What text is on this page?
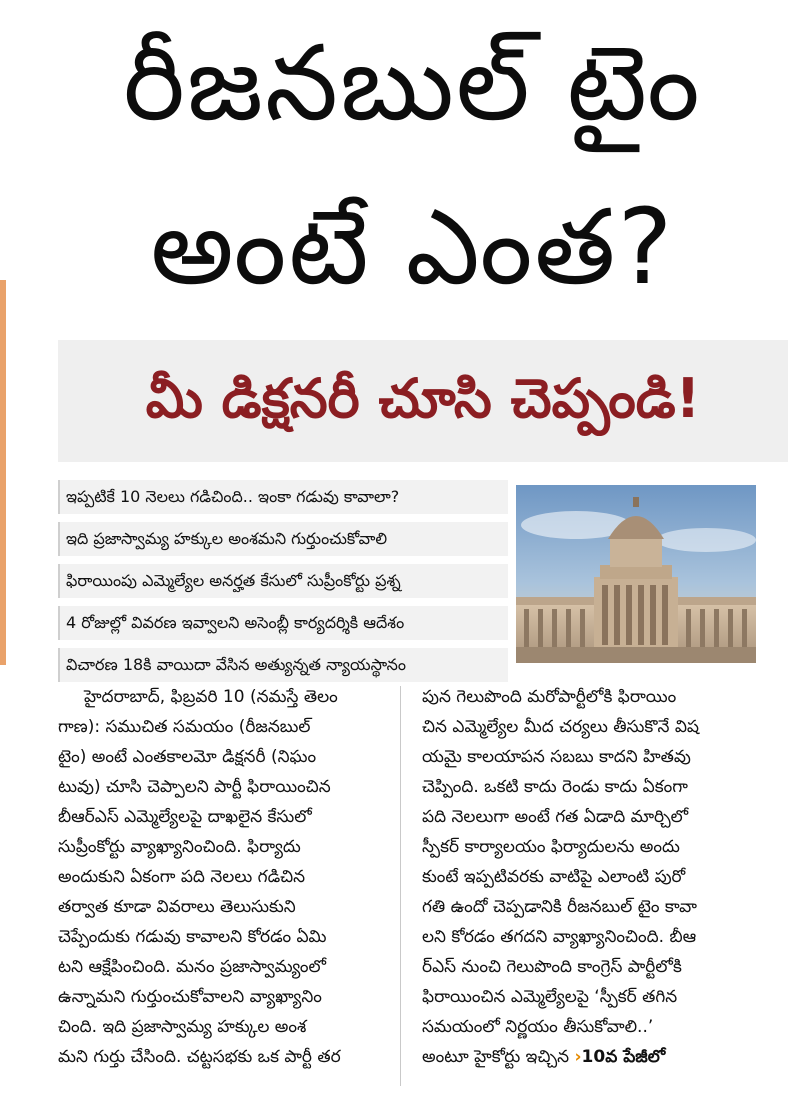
రీజనబుల్ టైం
అంటే ఎంత?
మీ డిక్షనరీ చూసి చెప్పండి!
ఇప్పటికే 10 నెలలు గడిచింది.. ఇంకా గడువు కావాలా?
ఇది ప్రజాస్వామ్య హక్కుల అంశమని గుర్తుంచుకోవాలి
ఫిరాయింపు ఎమ్మెల్యేల అనర్హత కేసులో సుప్రీంకోర్టు ప్రశ్న
4 రోజుల్లో వివరణ ఇవ్వాలని అసెంబ్లీ కార్యదర్శికి ఆదేశం
విచారణ 18కి వాయిదా వేసిన అత్యున్నత న్యాయస్థానం
హైదరాబాద్, ఫిబ్రవరి 10 (నమస్తే తెలం
గాణ): సముచిత సమయం (రీజనబుల్
టైం) అంటే ఎంతకాలమో డిక్షనరీ (నిఘం
టువు) చూసి చెప్పాలని పార్టీ ఫిరాయించిన
బీఆర్ఎస్ ఎమ్మెల్యేలపై దాఖలైన కేసులో
సుప్రీంకోర్టు వ్యాఖ్యానించింది. ఫిర్యాదు
అందుకుని ఏకంగా పది నెలలు గడిచిన
తర్వాత కూడా వివరాలు తెలుసుకుని
చెప్పేందుకు గడువు కావాలని కోరడం ఏమి
టని ఆక్షేపించింది. మనం ప్రజాస్వామ్యంలో
ఉన్నామని గుర్తుంచుకోవాలని వ్యాఖ్యానిం
చింది. ఇది ప్రజాస్వామ్య హక్కుల అంశ
మని గుర్తు చేసింది. చట్టసభకు ఒక పార్టీ తర
పున గెలుపొంది మరోపార్టీలోకి ఫిరాయిం
చిన ఎమ్మెల్యేల మీద చర్యలు తీసుకొనే విష
యమై కాలయాపన సబబు కాదని హితవు
చెప్పింది. ఒకటి కాదు రెండు కాదు ఏకంగా
పది నెలలుగా అంటే గత ఏడాది మార్చిలో
స్పీకర్ కార్యాలయం ఫిర్యాదులను అందు
కుంటే ఇప్పటివరకు వాటిపై ఎలాంటి పురో
గతి ఉందో చెప్పడానికి రీజనబుల్ టైం కావా
లని కోరడం తగదని వ్యాఖ్యానించింది. బీఆ
ర్ఎస్ నుంచి గెలుపొంది కాంగ్రెస్ పార్టీలోకి
ఫిరాయించిన ఎమ్మెల్యేలపై ‘స్పీకర్ తగిన
సమయంలో నిర్ణయం తీసుకోవాలి..’
అంటూ హైకోర్టు ఇచ్చిన ›10వ పేజీలో
